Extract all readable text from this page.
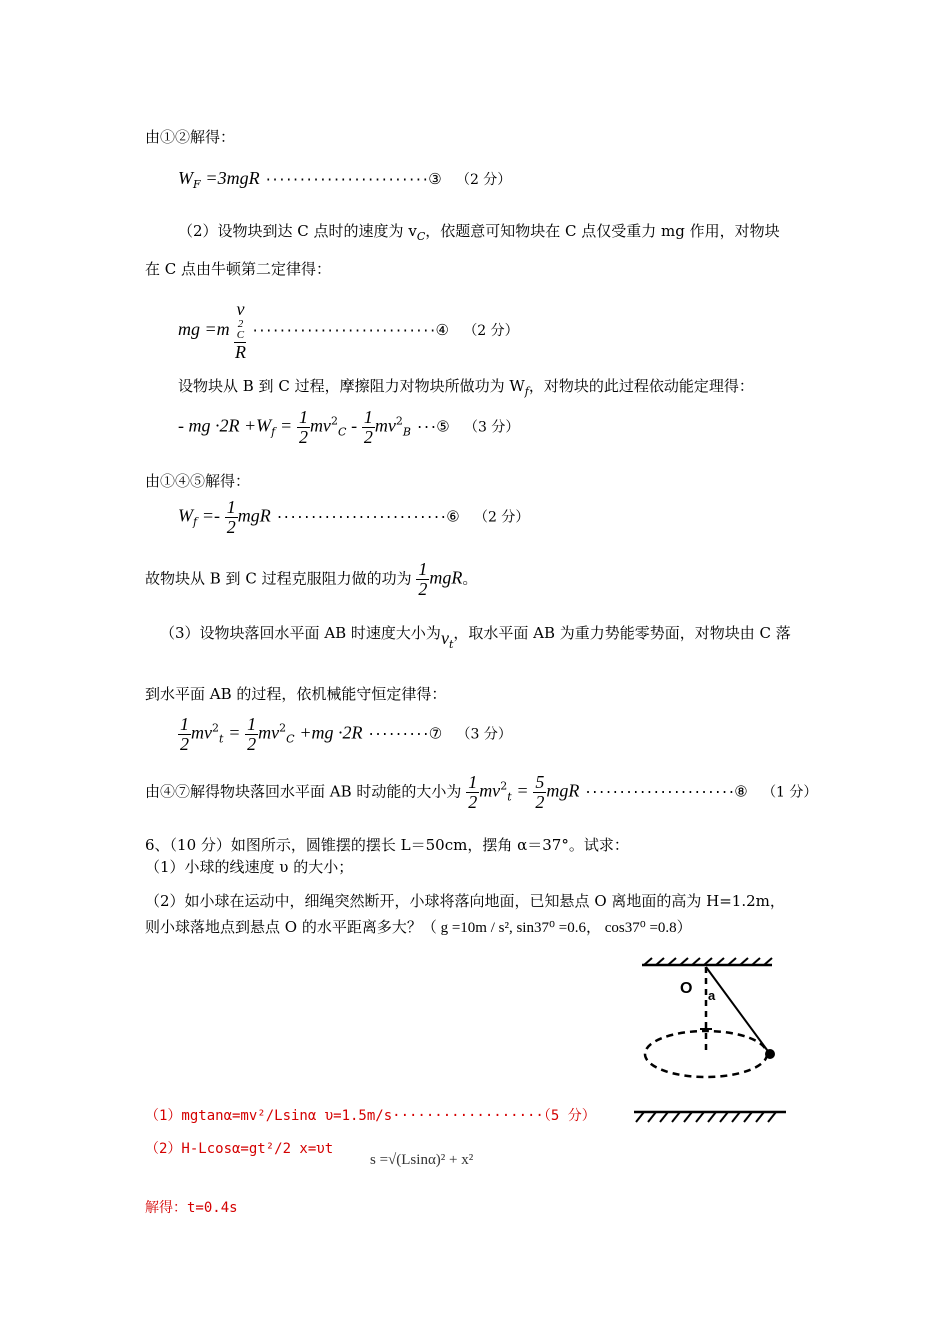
由①②解得：
$W_F =3mgR$ ························③ （2 分）
（2）设物块到达 C 点时的速度为 $v_C$，依题意可知物块在 C 点仅受重力 mg 作用，对物块
在 C 点由牛顿第二定律得：
mg =m v
2
C
R ···························④ （2 分）
设物块从 B 到 C 过程，摩擦阻力对物块所做功为 $W_f$，对物块的此过程依动能定理得：
- mg $\cdot 2R +W_f = \frac{1}{2} mv^2_C - \frac{1}{2} mv^2_B$ ···⑤ （3 分）
由①④⑤解得：
$W_f =- \frac{1}{2}$ mgR ·························⑥ （2 分）
故物块从 B 到 C 过程克服阻力做的功为 $\frac{1}{2}$ mgR。
（3）设物块落回水平面 AB 时速度大小为$v_t$，取水平面 AB 为重力势能零势面，对物块由 C 落
到水平面 AB 的过程，依机械能守恒定律得：
$\frac{1}{2} mv^2_t = \frac{1}{2} mv^2_C +mg \cdot 2R$ ·········⑦ （3 分）
由④⑦解得物块落回水平面 AB 时动能的大小为 $\frac{1}{2} mv^2_t = \frac{5}{2}$ mgR ······················⑧ （1 分）
6、（10 分）如图所示，圆锥摆的摆长 L＝50cm，摆角 α＝37°。试求：
（1）小球的线速度 υ 的大小；
（2）如小球在运动中，细绳突然断开，小球将落向地面，已知悬点 O 离地面的高为 H=1.2m，
则小球落地点到悬点 O 的水平距离多大？（ g =10m / s², sin37⁰ =0.6， cos37⁰ =0.8）
O a
（1）mgtanα=mv²/Lsinα υ=1.5m/s··················（5 分）
（2）H-Lcosα=gt²/2 x=υt
s =√(Lsinα)² + x²
解得：t=0.4s
